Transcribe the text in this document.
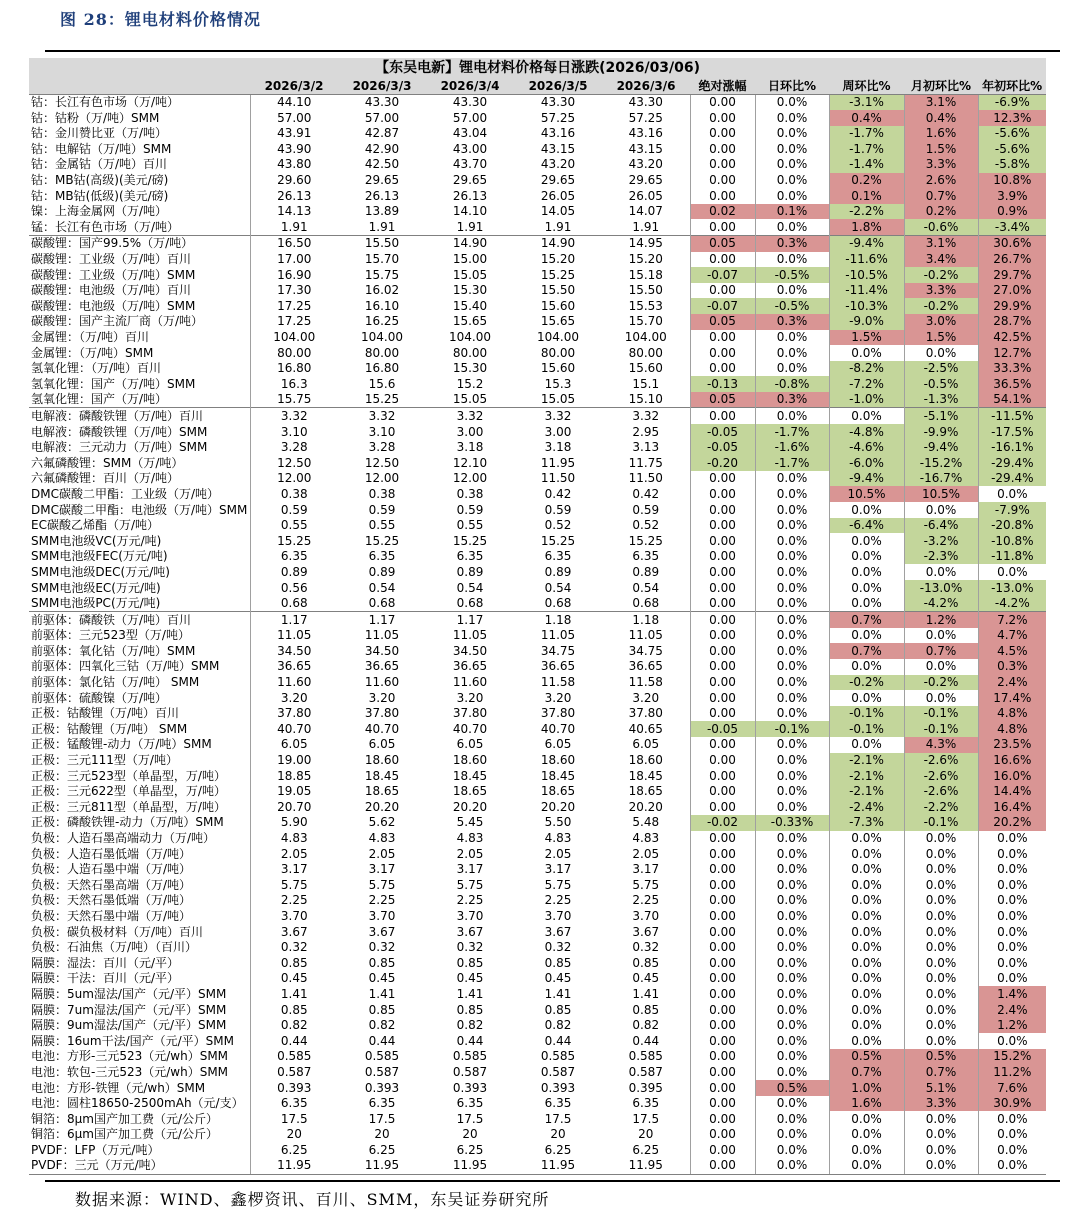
图 28：锂电材料价格情况
【东吴电新】锂电材料价格每日涨跌(2026/03/06)										
	2026/3/2	2026/3/3	2026/3/4	2026/3/5	2026/3/6	绝对涨幅	日环比%	周环比%	月初环比%	年初环比%
钴：长江有色市场（万/吨）	44.10	43.30	43.30	43.30	43.30	0.00	0.0%	-3.1%	3.1%	-6.9%
钴：钴粉（万/吨）SMM	57.00	57.00	57.00	57.25	57.25	0.00	0.0%	0.4%	0.4%	12.3%
钴：金川赞比亚（万/吨）	43.91	42.87	43.04	43.16	43.16	0.00	0.0%	-1.7%	1.6%	-5.6%
钴：电解钴（万/吨）SMM	43.90	42.90	43.00	43.15	43.15	0.00	0.0%	-1.7%	1.5%	-5.6%
钴：金属钴（万/吨）百川	43.80	42.50	43.70	43.20	43.20	0.00	0.0%	-1.4%	3.3%	-5.8%
钴：MB钴(高级)(美元/磅)	29.60	29.65	29.65	29.65	29.65	0.00	0.0%	0.2%	2.6%	10.8%
钴：MB钴(低级)(美元/磅)	26.13	26.13	26.13	26.05	26.05	0.00	0.0%	0.1%	0.7%	3.9%
镍：上海金属网（万/吨）	14.13	13.89	14.10	14.05	14.07	0.02	0.1%	-2.2%	0.2%	0.9%
锰：长江有色市场（万/吨）	1.91	1.91	1.91	1.91	1.91	0.00	0.0%	1.8%	-0.6%	-3.4%
碳酸锂：国产99.5%（万/吨）	16.50	15.50	14.90	14.90	14.95	0.05	0.3%	-9.4%	3.1%	30.6%
碳酸锂：工业级（万/吨）百川	17.00	15.70	15.00	15.20	15.20	0.00	0.0%	-11.6%	3.4%	26.7%
碳酸锂：工业级（万/吨）SMM	16.90	15.75	15.05	15.25	15.18	-0.07	-0.5%	-10.5%	-0.2%	29.7%
碳酸锂：电池级（万/吨）百川	17.30	16.02	15.30	15.50	15.50	0.00	0.0%	-11.4%	3.3%	27.0%
碳酸锂：电池级（万/吨）SMM	17.25	16.10	15.40	15.60	15.53	-0.07	-0.5%	-10.3%	-0.2%	29.9%
碳酸锂：国产主流厂商（万/吨）	17.25	16.25	15.65	15.65	15.70	0.05	0.3%	-9.0%	3.0%	28.7%
金属锂：（万/吨）百川	104.00	104.00	104.00	104.00	104.00	0.00	0.0%	1.5%	1.5%	42.5%
金属锂：（万/吨）SMM	80.00	80.00	80.00	80.00	80.00	0.00	0.0%	0.0%	0.0%	12.7%
氢氧化锂：（万/吨）百川	16.80	16.80	15.30	15.60	15.60	0.00	0.0%	-8.2%	-2.5%	33.3%
氢氧化锂：国产（万/吨）SMM	16.3	15.6	15.2	15.3	15.1	-0.13	-0.8%	-7.2%	-0.5%	36.5%
氢氧化锂：国产（万/吨）	15.75	15.25	15.05	15.05	15.10	0.05	0.3%	-1.0%	-1.3%	54.1%
电解液：磷酸铁锂（万/吨）百川	3.32	3.32	3.32	3.32	3.32	0.00	0.0%	0.0%	-5.1%	-11.5%
电解液：磷酸铁锂（万/吨）SMM	3.10	3.10	3.00	3.00	2.95	-0.05	-1.7%	-4.8%	-9.9%	-17.5%
电解液：三元动力（万/吨）SMM	3.28	3.28	3.18	3.18	3.13	-0.05	-1.6%	-4.6%	-9.4%	-16.1%
六氟磷酸锂：SMM（万/吨）	12.50	12.50	12.10	11.95	11.75	-0.20	-1.7%	-6.0%	-15.2%	-29.4%
六氟磷酸锂：百川（万/吨）	12.00	12.00	12.00	11.50	11.50	0.00	0.0%	-9.4%	-16.7%	-29.4%
DMC碳酸二甲酯：工业级（万/吨）	0.38	0.38	0.38	0.42	0.42	0.00	0.0%	10.5%	10.5%	0.0%
DMC碳酸二甲酯：电池级（万/吨）SMM	0.59	0.59	0.59	0.59	0.59	0.00	0.0%	0.0%	0.0%	-7.9%
EC碳酸乙烯酯（万/吨）	0.55	0.55	0.55	0.52	0.52	0.00	0.0%	-6.4%	-6.4%	-20.8%
SMM电池级VC(万元/吨)	15.25	15.25	15.25	15.25	15.25	0.00	0.0%	0.0%	-3.2%	-10.8%
SMM电池级FEC(万元/吨)	6.35	6.35	6.35	6.35	6.35	0.00	0.0%	0.0%	-2.3%	-11.8%
SMM电池级DEC(万元/吨)	0.89	0.89	0.89	0.89	0.89	0.00	0.0%	0.0%	0.0%	0.0%
SMM电池级EC(万元/吨)	0.56	0.54	0.54	0.54	0.54	0.00	0.0%	0.0%	-13.0%	-13.0%
SMM电池级PC(万元/吨)	0.68	0.68	0.68	0.68	0.68	0.00	0.0%	0.0%	-4.2%	-4.2%
前驱体：磷酸铁（万/吨）百川	1.17	1.17	1.17	1.18	1.18	0.00	0.0%	0.7%	1.2%	7.2%
前驱体：三元523型（万/吨）	11.05	11.05	11.05	11.05	11.05	0.00	0.0%	0.0%	0.0%	4.7%
前驱体：氧化钴（万/吨）SMM	34.50	34.50	34.50	34.75	34.75	0.00	0.0%	0.7%	0.7%	4.5%
前驱体：四氧化三钴（万/吨）SMM	36.65	36.65	36.65	36.65	36.65	0.00	0.0%	0.0%	0.0%	0.3%
前驱体：氯化钴（万/吨） SMM	11.60	11.60	11.60	11.58	11.58	0.00	0.0%	-0.2%	-0.2%	2.4%
前驱体：硫酸镍（万/吨）	3.20	3.20	3.20	3.20	3.20	0.00	0.0%	0.0%	0.0%	17.4%
正极：钴酸锂（万/吨）百川	37.80	37.80	37.80	37.80	37.80	0.00	0.0%	-0.1%	-0.1%	4.8%
正极：钴酸锂（万/吨） SMM	40.70	40.70	40.70	40.70	40.65	-0.05	-0.1%	-0.1%	-0.1%	4.8%
正极：锰酸锂-动力（万/吨）SMM	6.05	6.05	6.05	6.05	6.05	0.00	0.0%	0.0%	4.3%	23.5%
正极：三元111型（万/吨）	19.00	18.60	18.60	18.60	18.60	0.00	0.0%	-2.1%	-2.6%	16.6%
正极：三元523型（单晶型，万/吨）	18.85	18.45	18.45	18.45	18.45	0.00	0.0%	-2.1%	-2.6%	16.0%
正极：三元622型（单晶型，万/吨）	19.05	18.65	18.65	18.65	18.65	0.00	0.0%	-2.1%	-2.6%	14.4%
正极：三元811型（单晶型，万/吨）	20.70	20.20	20.20	20.20	20.20	0.00	0.0%	-2.4%	-2.2%	16.4%
正极：磷酸铁锂-动力（万/吨）SMM	5.90	5.62	5.45	5.50	5.48	-0.02	-0.33%	-7.3%	-0.1%	20.2%
负极：人造石墨高端动力（万/吨）	4.83	4.83	4.83	4.83	4.83	0.00	0.0%	0.0%	0.0%	0.0%
负极：人造石墨低端（万/吨）	2.05	2.05	2.05	2.05	2.05	0.00	0.0%	0.0%	0.0%	0.0%
负极：人造石墨中端（万/吨）	3.17	3.17	3.17	3.17	3.17	0.00	0.0%	0.0%	0.0%	0.0%
负极：天然石墨高端（万/吨）	5.75	5.75	5.75	5.75	5.75	0.00	0.0%	0.0%	0.0%	0.0%
负极：天然石墨低端（万/吨）	2.25	2.25	2.25	2.25	2.25	0.00	0.0%	0.0%	0.0%	0.0%
负极：天然石墨中端（万/吨）	3.70	3.70	3.70	3.70	3.70	0.00	0.0%	0.0%	0.0%	0.0%
负极：碳负极材料（万/吨）百川	3.67	3.67	3.67	3.67	3.67	0.00	0.0%	0.0%	0.0%	0.0%
负极：石油焦（万/吨）（百川）	0.32	0.32	0.32	0.32	0.32	0.00	0.0%	0.0%	0.0%	0.0%
隔膜：湿法：百川（元/平）	0.85	0.85	0.85	0.85	0.85	0.00	0.0%	0.0%	0.0%	0.0%
隔膜：干法：百川（元/平）	0.45	0.45	0.45	0.45	0.45	0.00	0.0%	0.0%	0.0%	0.0%
隔膜：5um湿法/国产（元/平）SMM	1.41	1.41	1.41	1.41	1.41	0.00	0.0%	0.0%	0.0%	1.4%
隔膜：7um湿法/国产（元/平）SMM	0.85	0.85	0.85	0.85	0.85	0.00	0.0%	0.0%	0.0%	2.4%
隔膜：9um湿法/国产（元/平）SMM	0.82	0.82	0.82	0.82	0.82	0.00	0.0%	0.0%	0.0%	1.2%
隔膜：16um干法/国产（元/平）SMM	0.44	0.44	0.44	0.44	0.44	0.00	0.0%	0.0%	0.0%	0.0%
电池：方形-三元523（元/wh）SMM	0.585	0.585	0.585	0.585	0.585	0.00	0.0%	0.5%	0.5%	15.2%
电池：软包-三元523（元/wh）SMM	0.587	0.587	0.587	0.587	0.587	0.00	0.0%	0.7%	0.7%	11.2%
电池：方形-铁锂（元/wh）SMM	0.393	0.393	0.393	0.393	0.395	0.00	0.5%	1.0%	5.1%	7.6%
电池：圆柱18650-2500mAh（元/支）	6.35	6.35	6.35	6.35	6.35	0.00	0.0%	1.6%	3.3%	30.9%
铜箔：8μm国产加工费（元/公斤）	17.5	17.5	17.5	17.5	17.5	0.00	0.0%	0.0%	0.0%	0.0%
铜箔：6μm国产加工费（元/公斤）	20	20	20	20	20	0.00	0.0%	0.0%	0.0%	0.0%
PVDF：LFP（万元/吨）	6.25	6.25	6.25	6.25	6.25	0.00	0.0%	0.0%	0.0%	0.0%
PVDF：三元（万元/吨）	11.95	11.95	11.95	11.95	11.95	0.00	0.0%	0.0%	0.0%	0.0%
数据来源：WIND、鑫椤资讯、百川、SMM，东吴证券研究所
